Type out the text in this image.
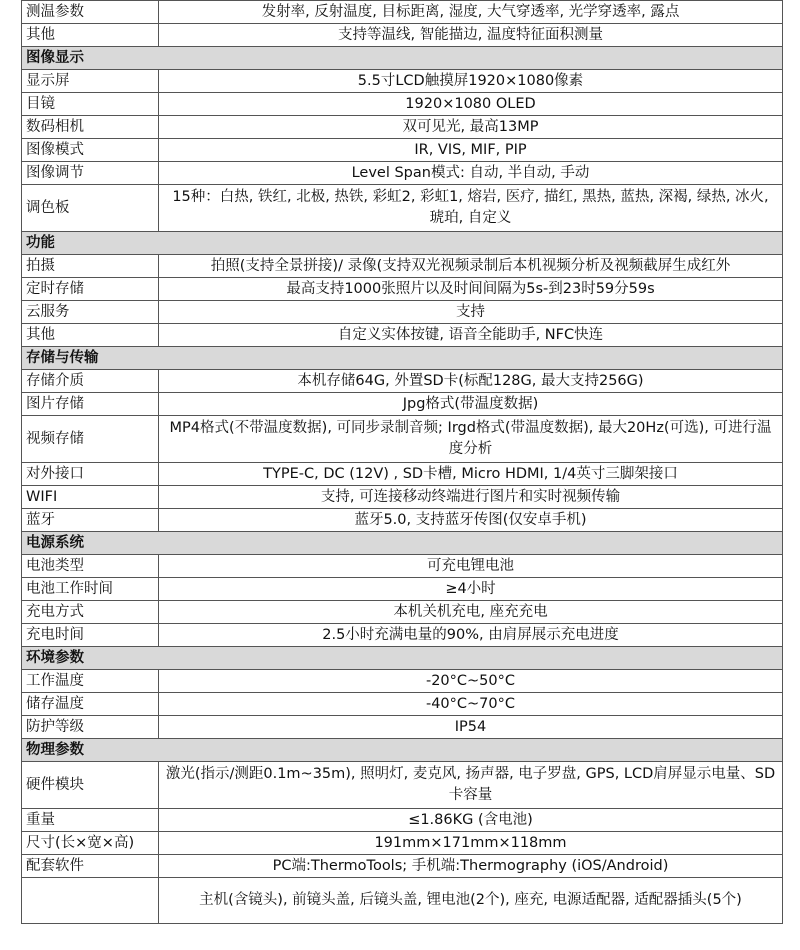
测温参数	发射率, 反射温度, 目标距离, 湿度, 大气穿透率, 光学穿透率, 露点
其他	支持等温线, 智能描边, 温度特征面积测量
图像显示	
显示屏	5.5寸LCD触摸屏1920×1080像素
目镜	1920×1080 OLED
数码相机	双可见光, 最高13MP
图像模式	IR, VIS, MIF, PIP
图像调节	Level Span模式: 自动, 半自动, 手动
调色板	15种：白热, 铁红, 北极, 热铁, 彩虹2, 彩虹1, 熔岩, 医疗, 描红, 黑热, 蓝热, 深褐, 绿热, 冰火, 琥珀, 自定义
功能	
拍摄	拍照(支持全景拼接)/ 录像(支持双光视频录制后本机视频分析及视频截屏生成红外
定时存储	最高支持1000张照片以及时间间隔为5s-到23时59分59s
云服务	支持
其他	自定义实体按键, 语音全能助手, NFC快连
存储与传输	
存储介质	本机存储64G, 外置SD卡(标配128G, 最大支持256G)
图片存储	Jpg格式(带温度数据)
视频存储	MP4格式(不带温度数据), 可同步录制音频; Irgd格式(带温度数据), 最大20Hz(可选), 可进行温度分析
对外接口	TYPE-C, DC (12V) , SD卡槽, Micro HDMI, 1/4英寸三脚架接口
WIFI	支持, 可连接移动终端进行图片和实时视频传输
蓝牙	蓝牙5.0, 支持蓝牙传图(仅安卓手机)
电源系统	
电池类型	可充电锂电池
电池工作时间	≥4小时
充电方式	本机关机充电, 座充充电
充电时间	2.5小时充满电量的90%, 由肩屏展示充电进度
环境参数	
工作温度	-20°C~50°C
储存温度	-40°C~70°C
防护等级	IP54
物理参数	
硬件模块	激光(指示/测距0.1m~35m), 照明灯, 麦克风, 扬声器, 电子罗盘, GPS, LCD肩屏显示电量、SD卡容量
重量	≤1.86KG (含电池)
尺寸(长×宽×高)	191mm×171mm×118mm
配套软件	PC端:ThermoTools; 手机端:Thermography (iOS/Android)
	主机(含镜头), 前镜头盖, 后镜头盖, 锂电池(2个), 座充, 电源适配器, 适配器插头(5个)
